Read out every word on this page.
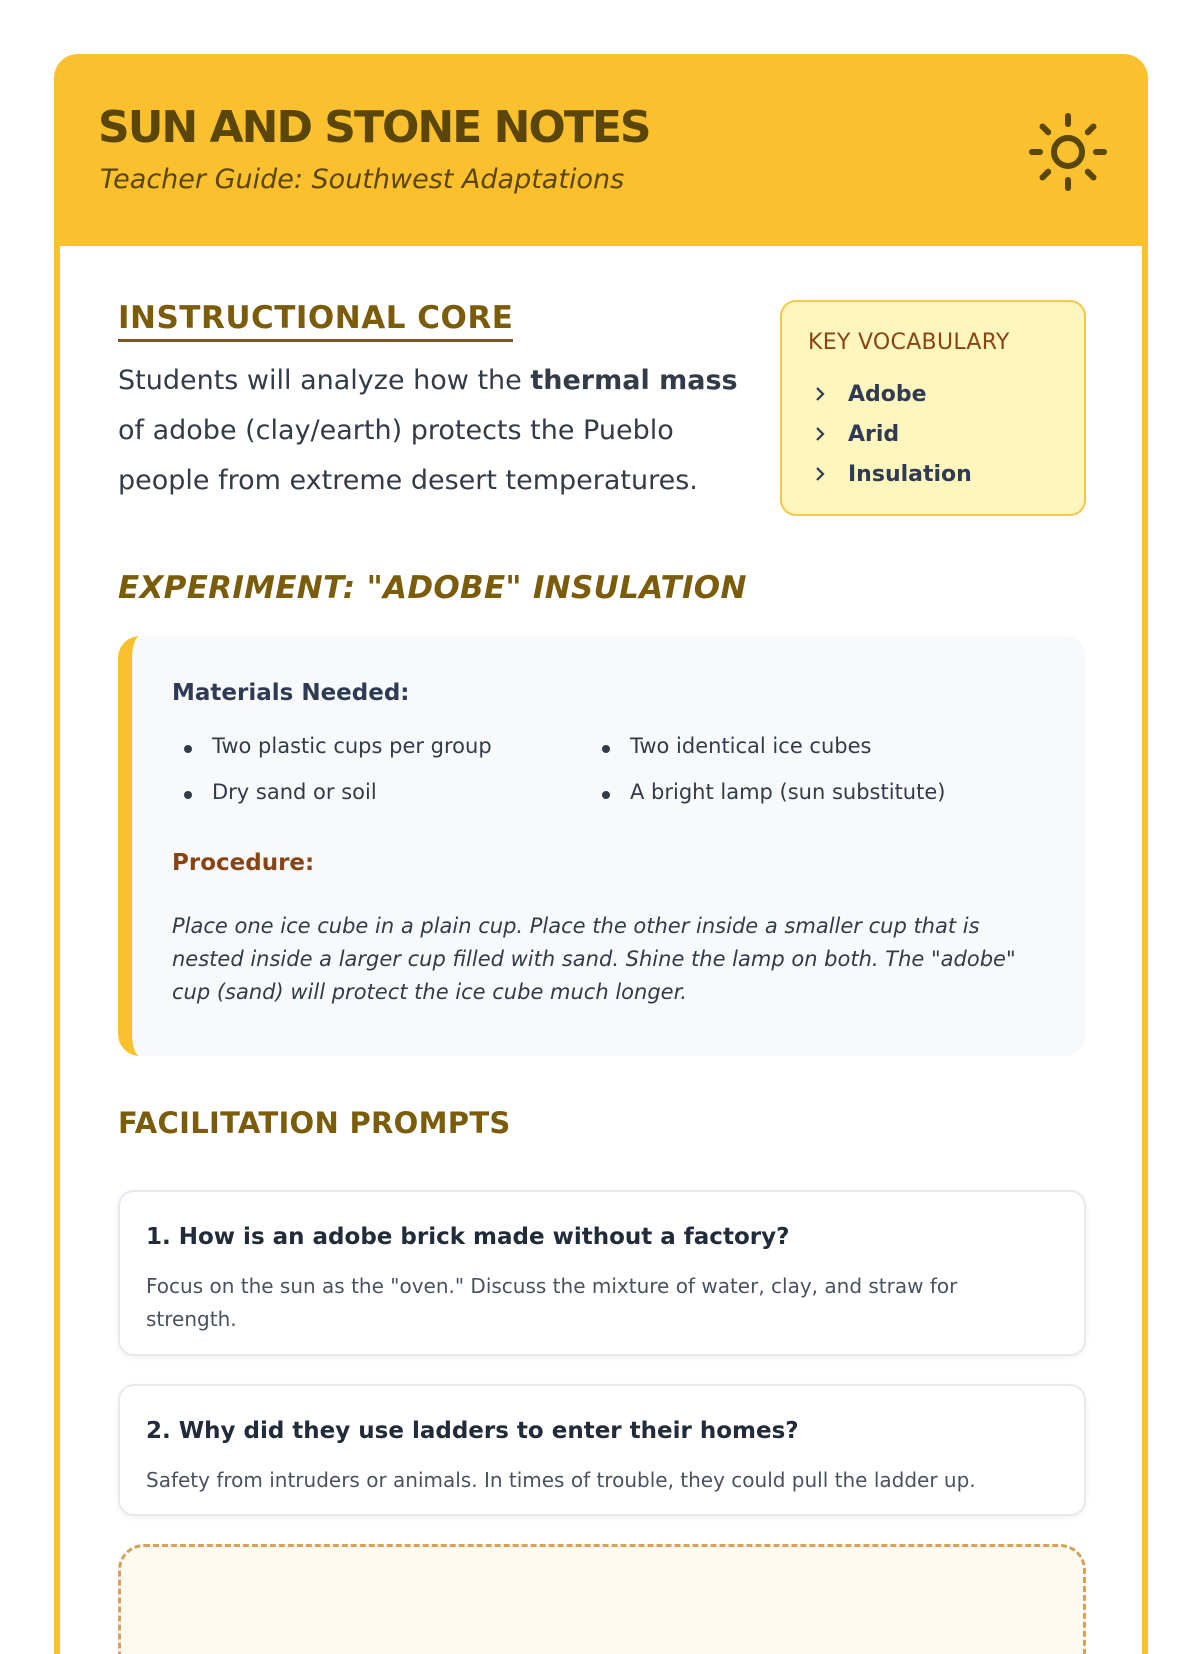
SUN AND STONE NOTES
Teacher Guide: Southwest Adaptations
INSTRUCTIONAL CORE

Students will analyze how the thermal mass of adobe (clay/earth) protects the Pueblo people from extreme desert temperatures.

KEY VOCABULARY
Adobe
Arid
Insulation
EXPERIMENT: "ADOBE" INSULATION
Materials Needed:
Two plastic cups per group	Two identical ice cubes
Dry sand or soil	A bright lamp (sun substitute)
Procedure:

Place one ice cube in a plain cup. Place the other inside a smaller cup that is nested inside a larger cup filled with sand. Shine the lamp on both. The "adobe" cup (sand) will protect the ice cube much longer.

FACILITATION PROMPTS
1. How is an adobe brick made without a factory?

Focus on the sun as the "oven." Discuss the mixture of water, clay, and straw for strength.

2. Why did they use ladders to enter their homes?

Safety from intruders or animals. In times of trouble, they could pull the ladder up.
